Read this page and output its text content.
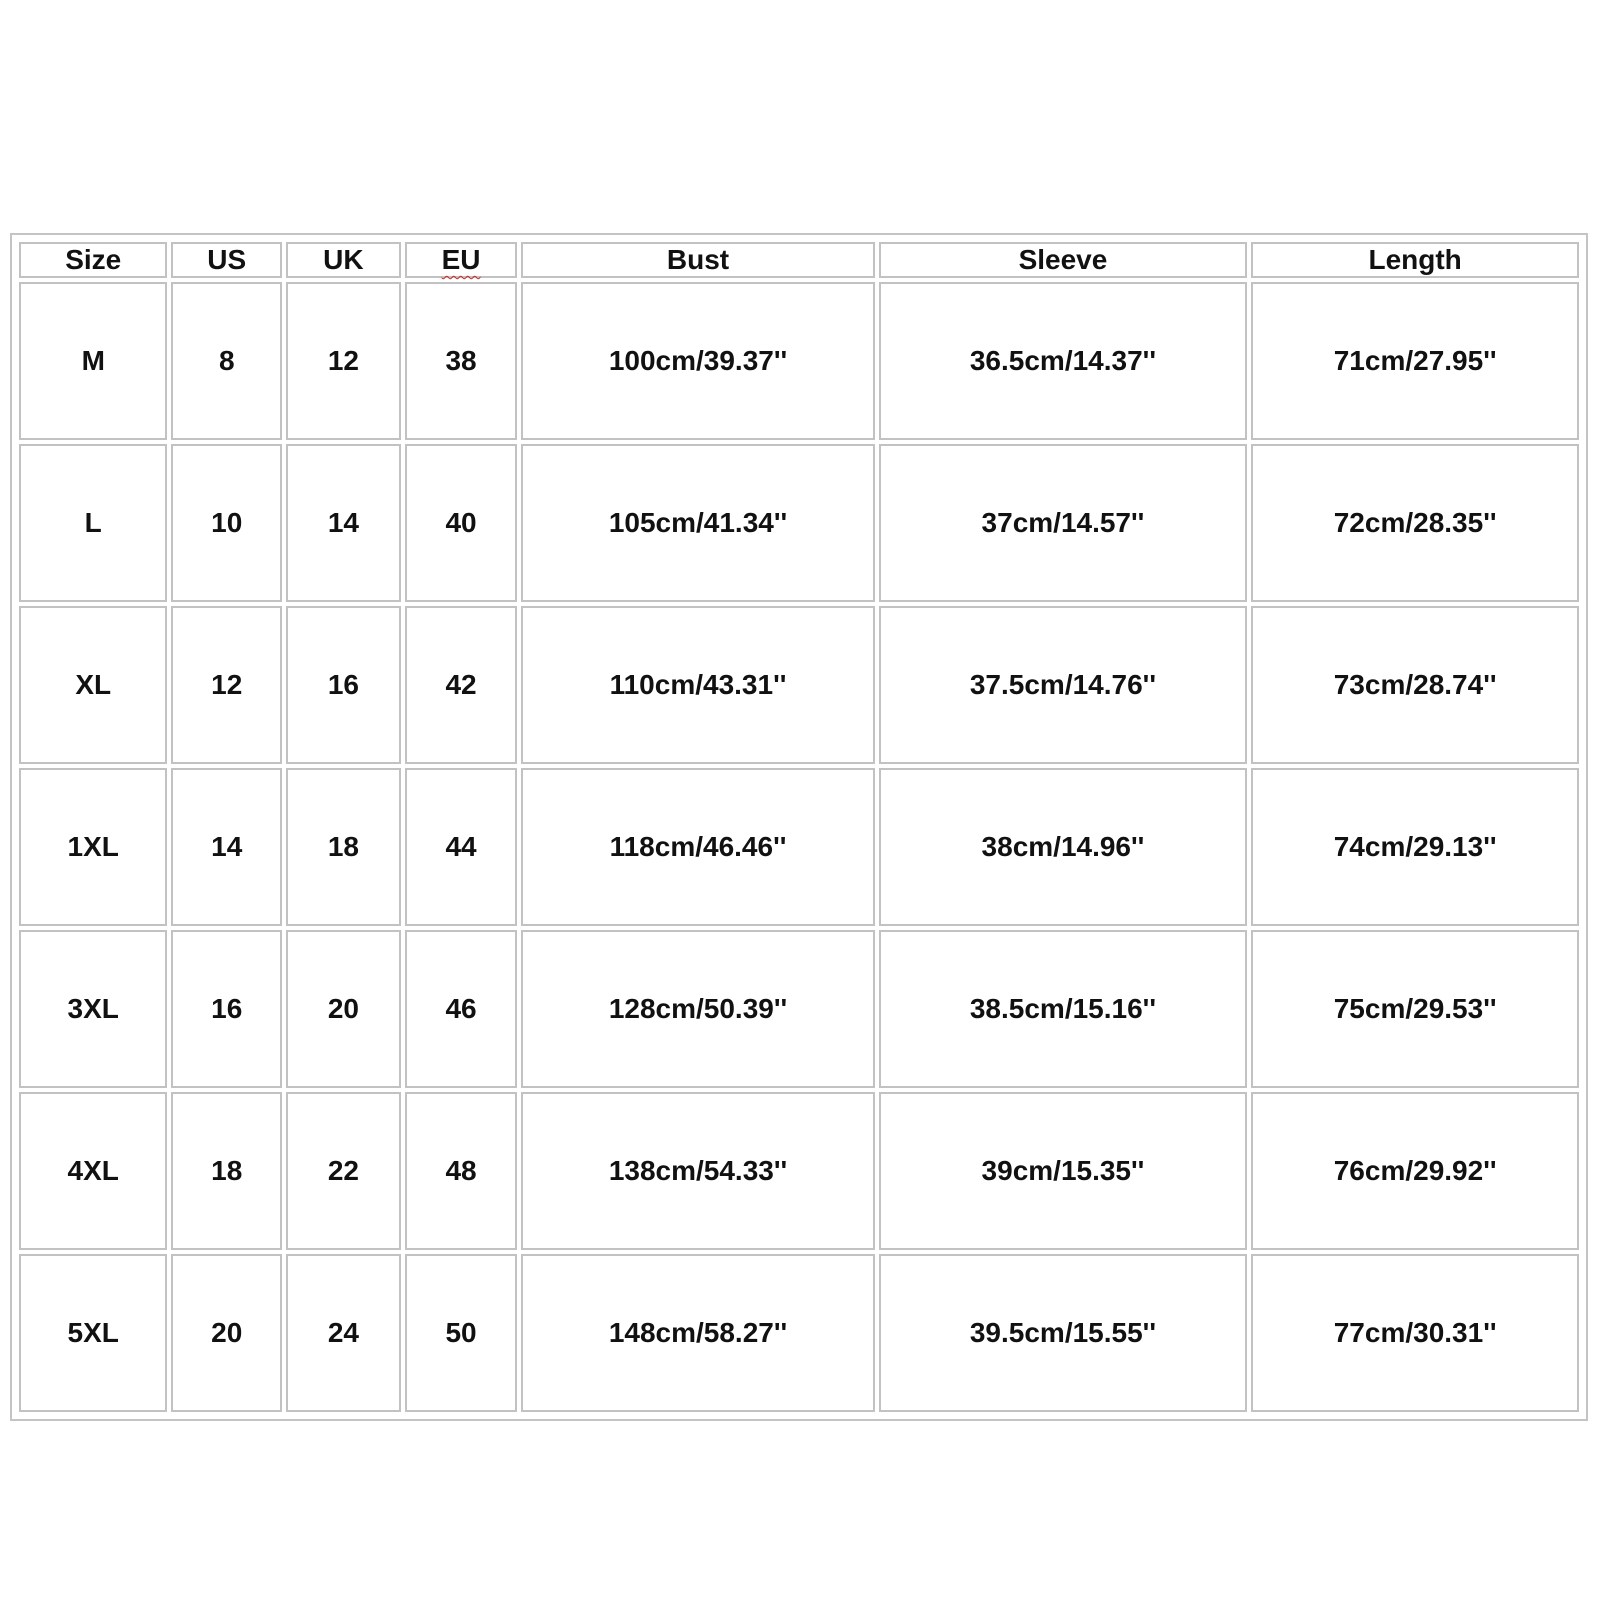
Size	US	UK	EU	Bust	Sleeve	Length
M	8	12	38	100cm/39.37''	36.5cm/14.37''	71cm/27.95''
L	10	14	40	105cm/41.34''	37cm/14.57''	72cm/28.35''
XL	12	16	42	110cm/43.31''	37.5cm/14.76''	73cm/28.74''
1XL	14	18	44	118cm/46.46''	38cm/14.96''	74cm/29.13''
3XL	16	20	46	128cm/50.39''	38.5cm/15.16''	75cm/29.53''
4XL	18	22	48	138cm/54.33''	39cm/15.35''	76cm/29.92''
5XL	20	24	50	148cm/58.27''	39.5cm/15.55''	77cm/30.31''
